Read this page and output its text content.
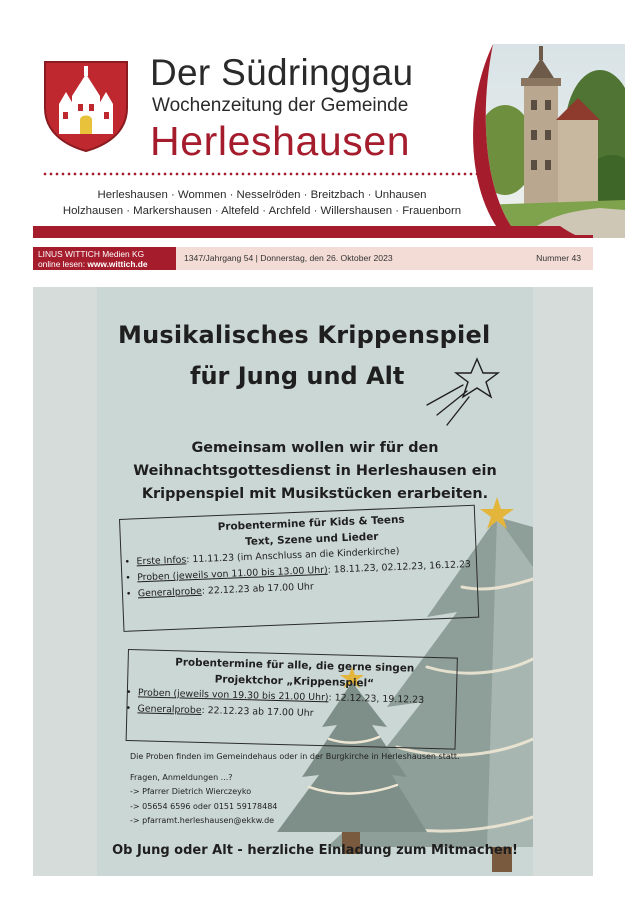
Der Südringgau
Wochenzeitung der Gemeinde
Herleshausen
Herleshausen · Wommen · Nesselröden · Breitzbach · Unhausen
Holzhausen · Markershausen · Altefeld · Archfeld · Willershausen · Frauenborn
LINUS WITTICH Medien KG
online lesen: www.wittich.de
1347/Jahrgang 54 | Donnerstag, den 26. Oktober 2023	Nummer 43
Musikalisches Krippenspiel
für Jung und Alt
Gemeinsam wollen wir für den
Weihnachtsgottesdienst in Herleshausen ein
Krippenspiel mit Musikstücken erarbeiten.
Probentermine für Kids & Teens
Text, Szene und Lieder
• Erste Infos: 11.11.23 (im Anschluss an die Kinderkirche)
• Proben (jeweils von 11.00 bis 13.00 Uhr): 18.11.23, 02.12.23, 16.12.23
• Generalprobe: 22.12.23 ab 17.00 Uhr
Probentermine für alle, die gerne singen
Projektchor „Krippenspiel“
• Proben (jeweils von 19.30 bis 21.00 Uhr): 12.12.23, 19.12.23
• Generalprobe: 22.12.23 ab 17.00 Uhr
Die Proben finden im Gemeindehaus oder in der Burgkirche in Herleshausen statt.
Fragen, Anmeldungen ...?
-> Pfarrer Dietrich Wierczeyko
-> 05654 6596 oder 0151 59178484
-> pfarramt.herleshausen@ekkw.de
Ob Jung oder Alt - herzliche Einladung zum Mitmachen!
